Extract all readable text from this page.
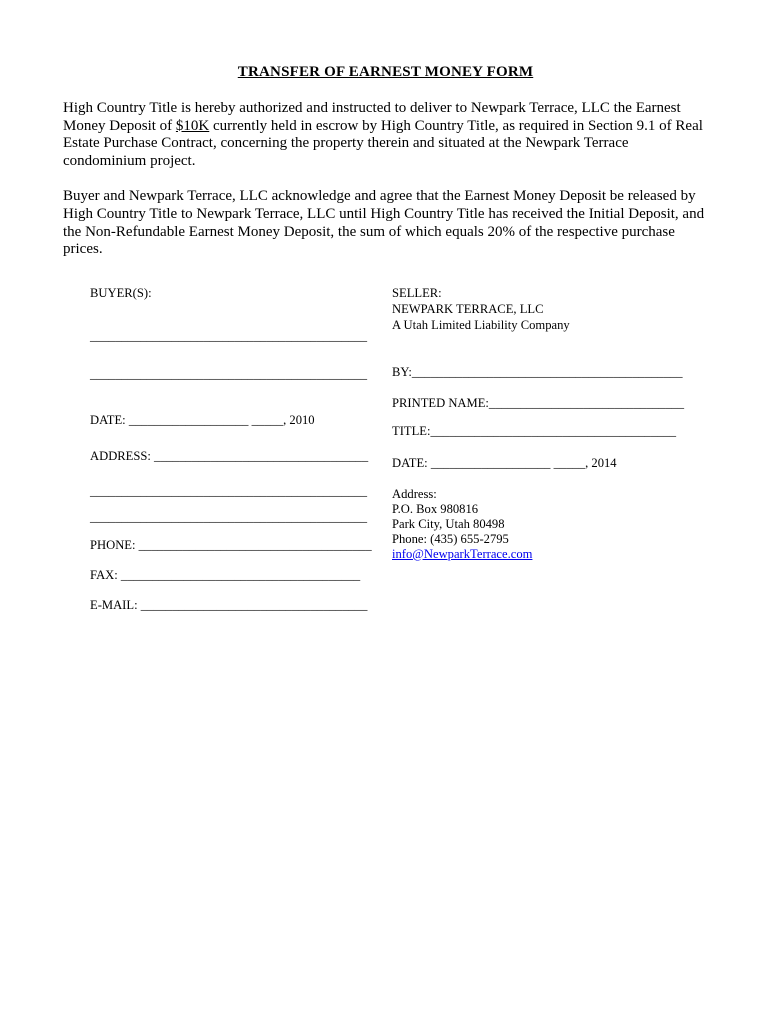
TRANSFER OF EARNEST MONEY FORM

High Country Title is hereby authorized and instructed to deliver to Newpark Terrace, LLC the Earnest Money Deposit of $10K currently held in escrow by High Country Title, as required in Section 9.1 of Real Estate Purchase Contract, concerning the property therein and situated at the Newpark Terrace condominium project.

Buyer and Newpark Terrace, LLC acknowledge and agree that the Earnest Money Deposit be released by High Country Title to Newpark Terrace, LLC until High Country Title has received the Initial Deposit, and the Non-Refundable Earnest Money Deposit, the sum of which equals 20% of the respective purchase prices.

BUYER(S):
____________________________________________
____________________________________________
DATE: ___________________ _____, 2010
ADDRESS: __________________________________
____________________________________________
____________________________________________
PHONE: _____________________________________
FAX: ______________________________________
E-MAIL: ____________________________________
SELLER:
NEWPARK TERRACE, LLC
A Utah Limited Liability Company
BY:___________________________________________
PRINTED NAME:_______________________________
TITLE:_______________________________________
DATE: ___________________ _____, 2014
Address:
P.O. Box 980816
Park City, Utah 80498
Phone: (435) 655-2795
info@NewparkTerrace.com
